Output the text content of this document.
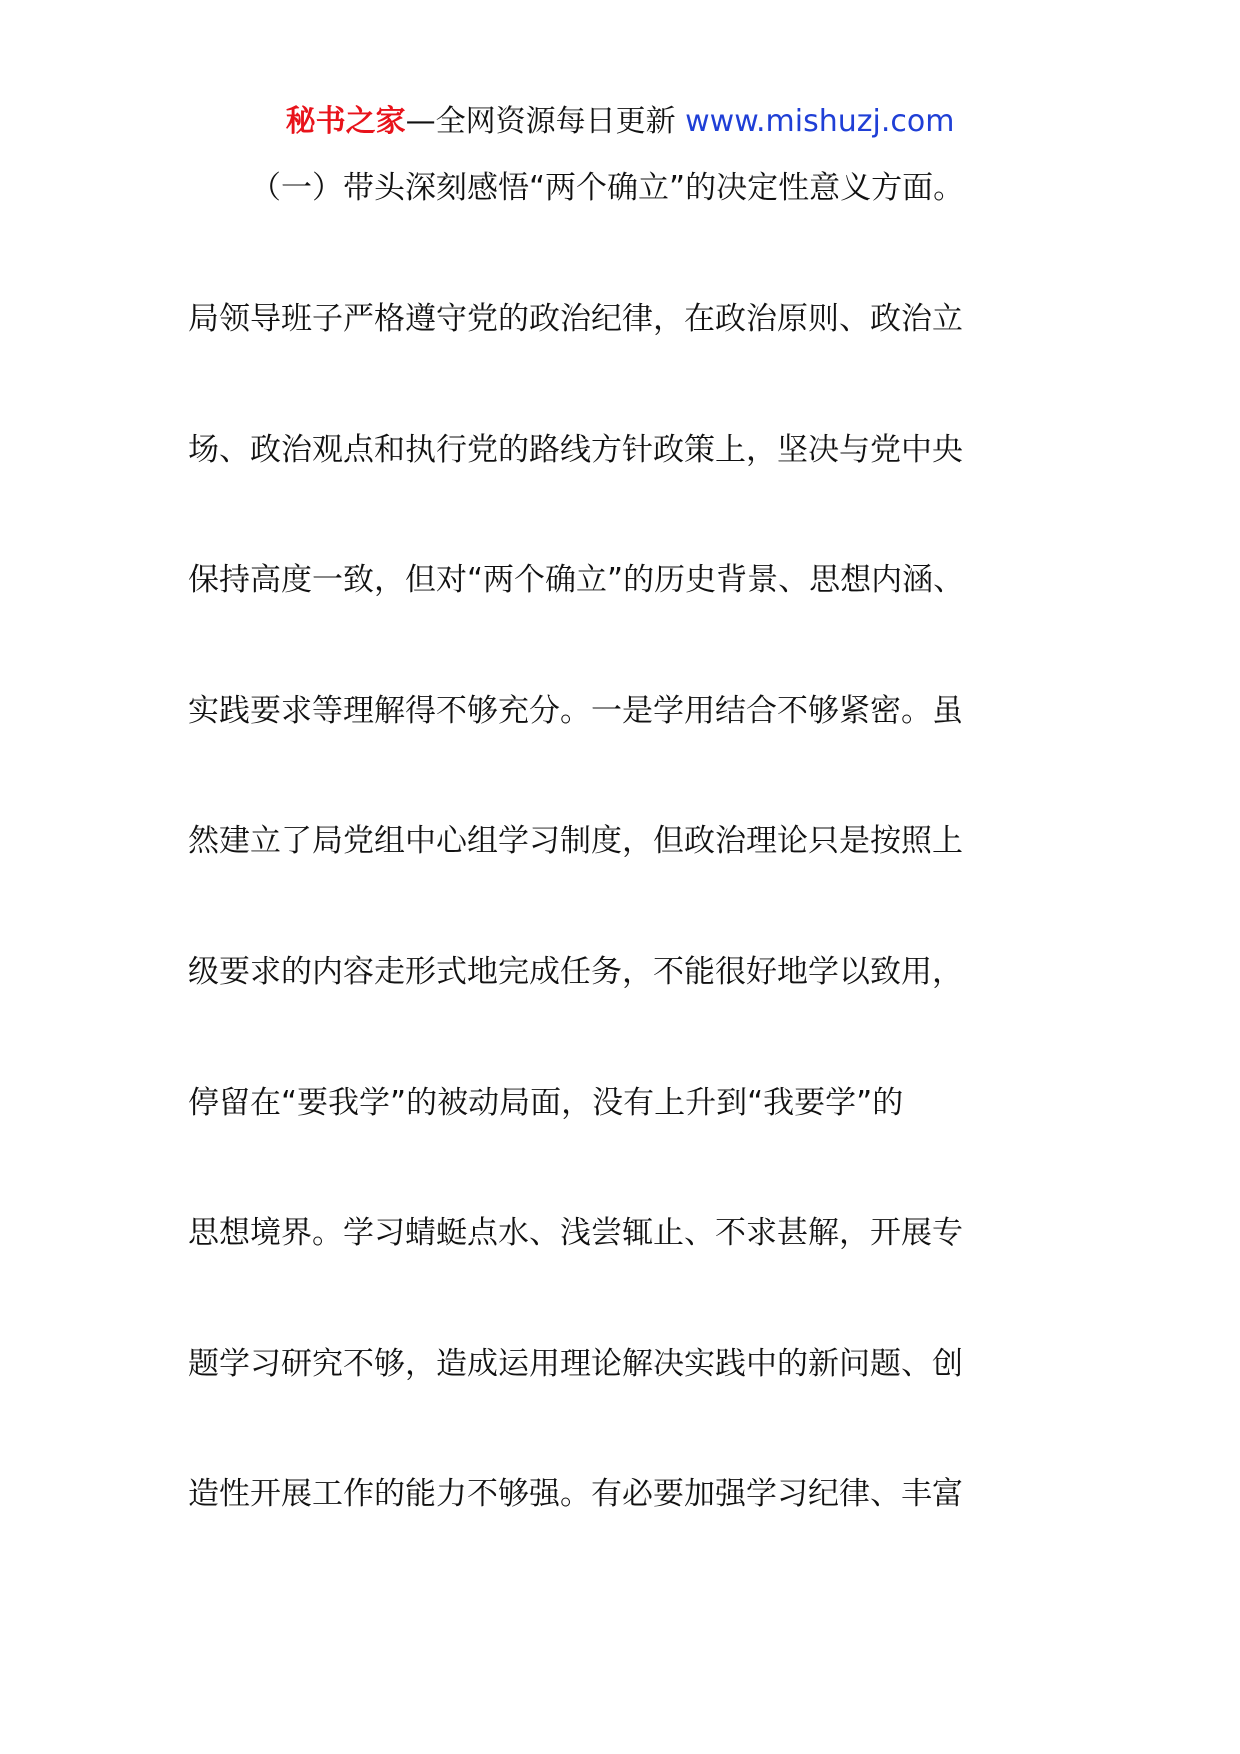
秘书之家—全网资源每日更新 www.mishuzj.com
（一）带头深刻感悟“两个确立”的决定性意义方面。
局领导班子严格遵守党的政治纪律，在政治原则、政治立
场、政治观点和执行党的路线方针政策上，坚决与党中央
保持高度一致，但对“两个确立”的历史背景、思想内涵、
实践要求等理解得不够充分。一是学用结合不够紧密。虽
然建立了局党组中心组学习制度，但政治理论只是按照上
级要求的内容走形式地完成任务，不能很好地学以致用，
停留在“要我学”的被动局面，没有上升到“我要学”的
思想境界。学习蜻蜓点水、浅尝辄止、不求甚解，开展专
题学习研究不够，造成运用理论解决实践中的新问题、创
造性开展工作的能力不够强。有必要加强学习纪律、丰富
